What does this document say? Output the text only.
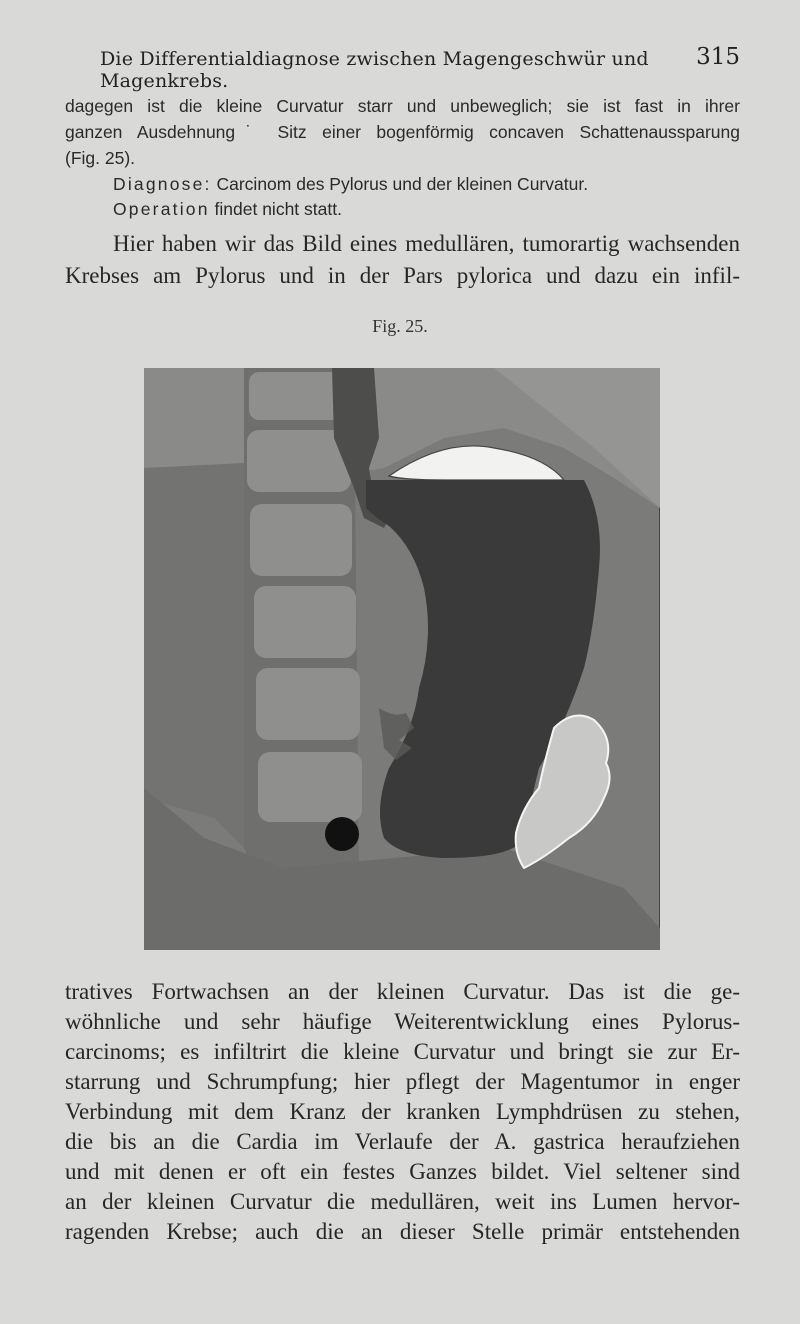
Die Differentialdiagnose zwischen Magengeschwür und Magenkrebs.
315
dagegen ist die kleine Curvatur starr und unbeweglich; sie ist fast in ihrer
ganzen Ausdehnung˙ Sitz einer bogenförmig concaven Schattenaussparung
(Fig. 25).
Diagnose: Carcinom des Pylorus und der kleinen Curvatur.
Operation findet nicht statt.
Hier haben wir das Bild eines medullären, tumorartig wachsenden
Krebses am Pylorus und in der Pars pylorica und dazu ein infil-
Fig. 25.
tratives Fortwachsen an der kleinen Curvatur. Das ist die ge-
wöhnliche und sehr häufige Weiterentwicklung eines Pylorus-
carcinoms; es infiltrirt die kleine Curvatur und bringt sie zur Er-
starrung und Schrumpfung; hier pflegt der Magentumor in enger
Verbindung mit dem Kranz der kranken Lymphdrüsen zu stehen,
die bis an die Cardia im Verlaufe der A. gastrica heraufziehen
und mit denen er oft ein festes Ganzes bildet. Viel seltener sind
an der kleinen Curvatur die medullären, weit ins Lumen hervor-
ragenden Krebse; auch die an dieser Stelle primär entstehenden
